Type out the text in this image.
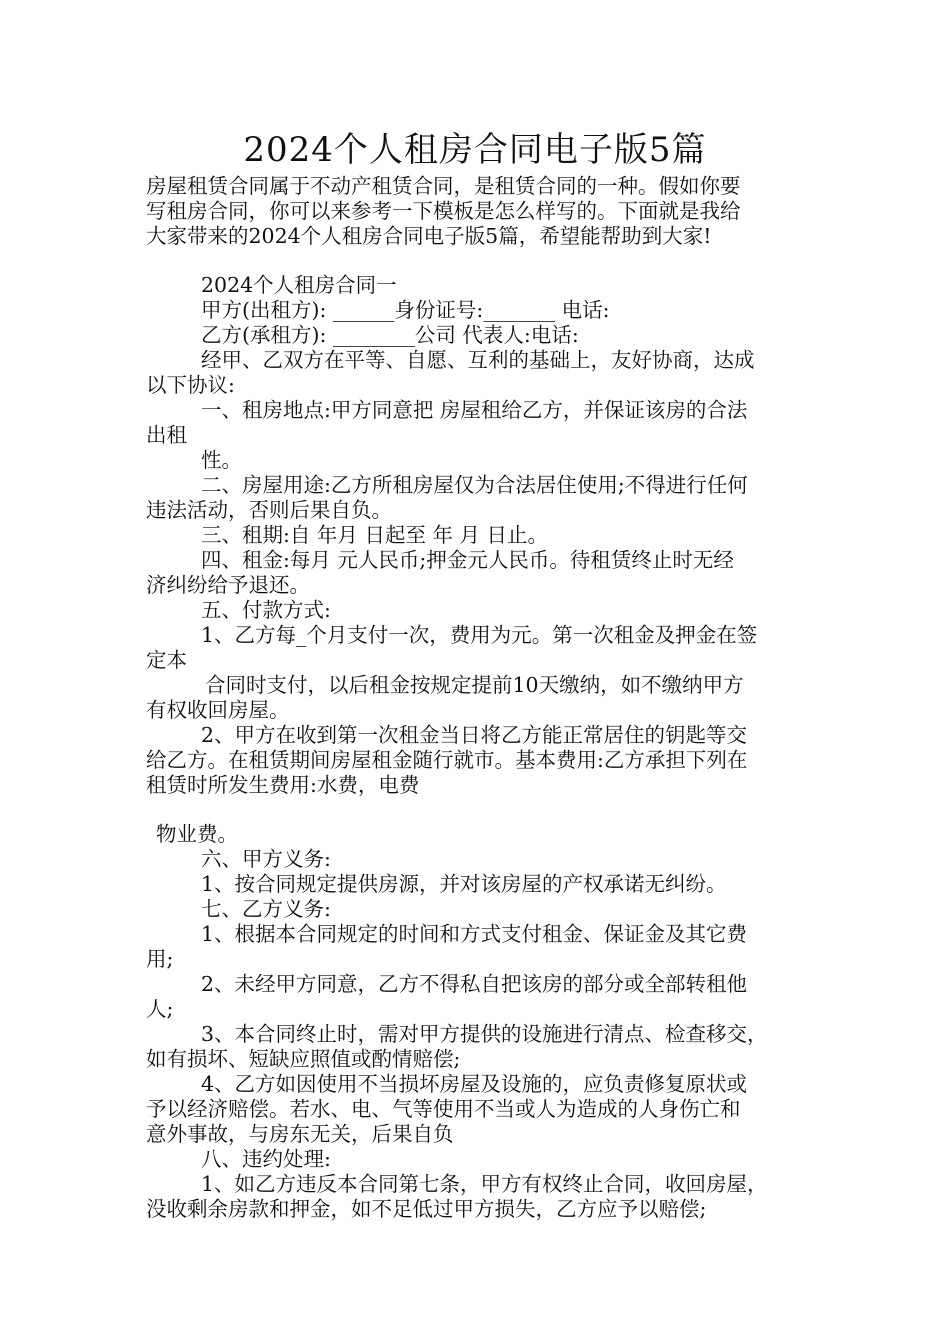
2024个人租房合同电子版5篇
房屋租赁合同属于不动产租赁合同，是租赁合同的一种。假如你要
写租房合同，你可以来参考一下模板是怎么样写的。下面就是我给
大家带来的2024个人租房合同电子版5篇，希望能帮助到大家!
2024个人租房合同一
甲方(出租方): ______身份证号:_______ 电话:
乙方(承租方): ________公司 代表人:电话:
经甲、乙双方在平等、自愿、互利的基础上，友好协商，达成
以下协议:
一、租房地点:甲方同意把 房屋租给乙方，并保证该房的合法
出租
性。
二、房屋用途:乙方所租房屋仅为合法居住使用;不得进行任何
违法活动，否则后果自负。
三、租期:自 年月 日起至 年 月 日止。
四、租金:每月 元人民币;押金元人民币。待租赁终止时无经
济纠纷给予退还。
五、付款方式:
1、乙方每_个月支付一次，费用为元。第一次租金及押金在签
定本
合同时支付，以后租金按规定提前10天缴纳，如不缴纳甲方
有权收回房屋。
2、甲方在收到第一次租金当日将乙方能正常居住的钥匙等交
给乙方。在租赁期间房屋租金随行就市。基本费用:乙方承担下列在
租赁时所发生费用:水费，电费
物业费。
六、甲方义务:
1、按合同规定提供房源，并对该房屋的产权承诺无纠纷。
七、乙方义务:
1、根据本合同规定的时间和方式支付租金、保证金及其它费
用;
2、未经甲方同意，乙方不得私自把该房的部分或全部转租他
人;
3、本合同终止时，需对甲方提供的设施进行清点、检查移交，
如有损坏、短缺应照值或酌情赔偿;
4、乙方如因使用不当损坏房屋及设施的，应负责修复原状或
予以经济赔偿。若水、电、气等使用不当或人为造成的人身伤亡和
意外事故，与房东无关，后果自负
八、违约处理:
1、如乙方违反本合同第七条，甲方有权终止合同，收回房屋，
没收剩余房款和押金，如不足低过甲方损失，乙方应予以赔偿;
